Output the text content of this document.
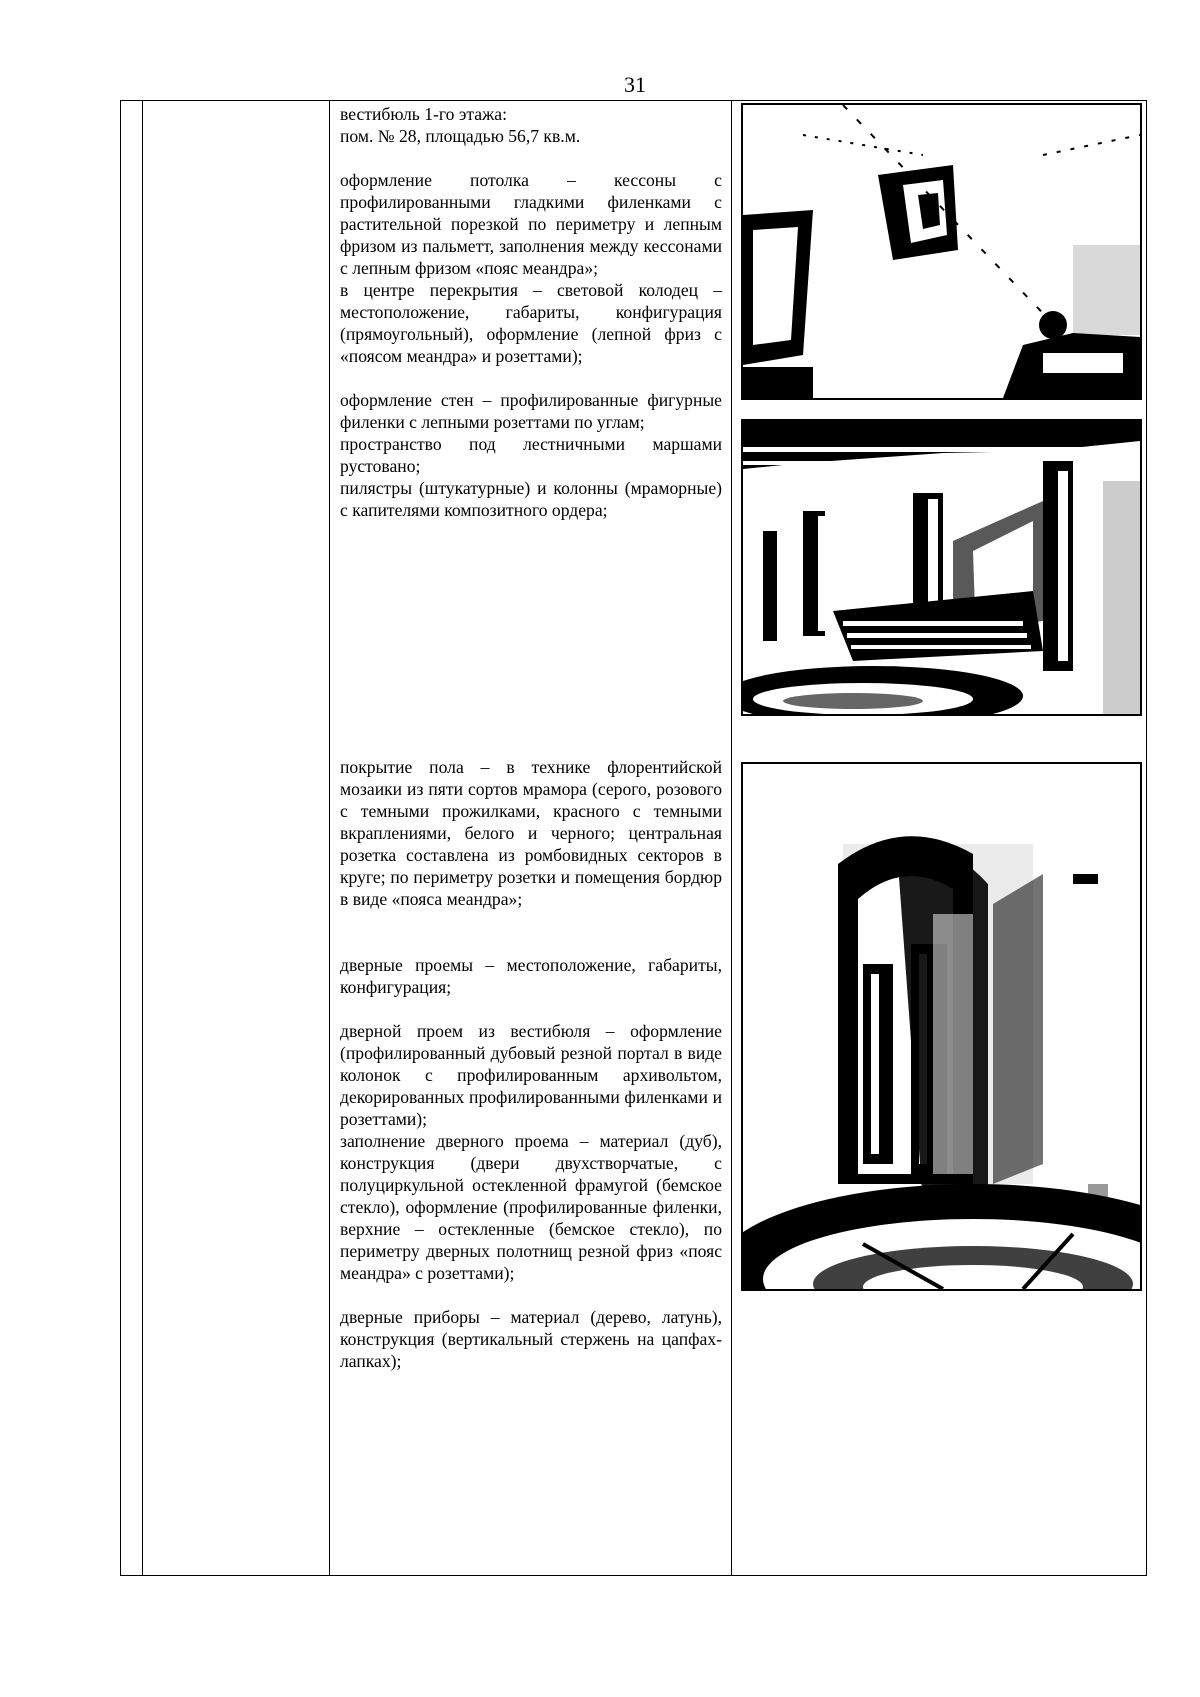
31

вестибюль 1-го этажа:

пом. № 28, площадью 56,7 кв.м.

оформление потолка – кессоны с профилированными гладкими филенками с растительной порезкой по периметру и лепным фризом из пальметт, заполнения между кессонами с лепным фризом «пояс меандра»;

в центре перекрытия – световой колодец – местоположение, габариты, конфигурация (прямоугольный), оформление (лепной фриз с «поясом меандра» и розеттами);

оформление стен – профилированные фигурные филенки с лепными розеттами по углам;

пространство под лестничными маршами рустовано;

пилястры (штукатурные) и колонны (мраморные) с капителями композитного ордера;

покрытие пола – в технике флорентийской мозаики из пяти сортов мрамора (серого, розового с темными прожилками, красного с темными вкраплениями, белого и черного; центральная розетка составлена из ромбовидных секторов в круге; по периметру розетки и помещения бордюр в виде «пояса меандра»;

дверные проемы – местоположение, габариты, конфигурация;

дверной проем из вестибюля – оформление (профилированный дубовый резной портал в виде колонок с профилированным архивольтом, декорированных профилированными филенками и розеттами);

заполнение дверного проема – материал (дуб), конструкция (двери двухстворчатые, с полуциркульной остекленной фрамугой (бемское стекло), оформление (профилированные филенки, верхние – остекленные (бемское стекло), по периметру дверных полотнищ резной фриз «пояс меандра» с розеттами);

дверные приборы – материал (дерево, латунь), конструкция (вертикальный стержень на цапфах-лапках);
